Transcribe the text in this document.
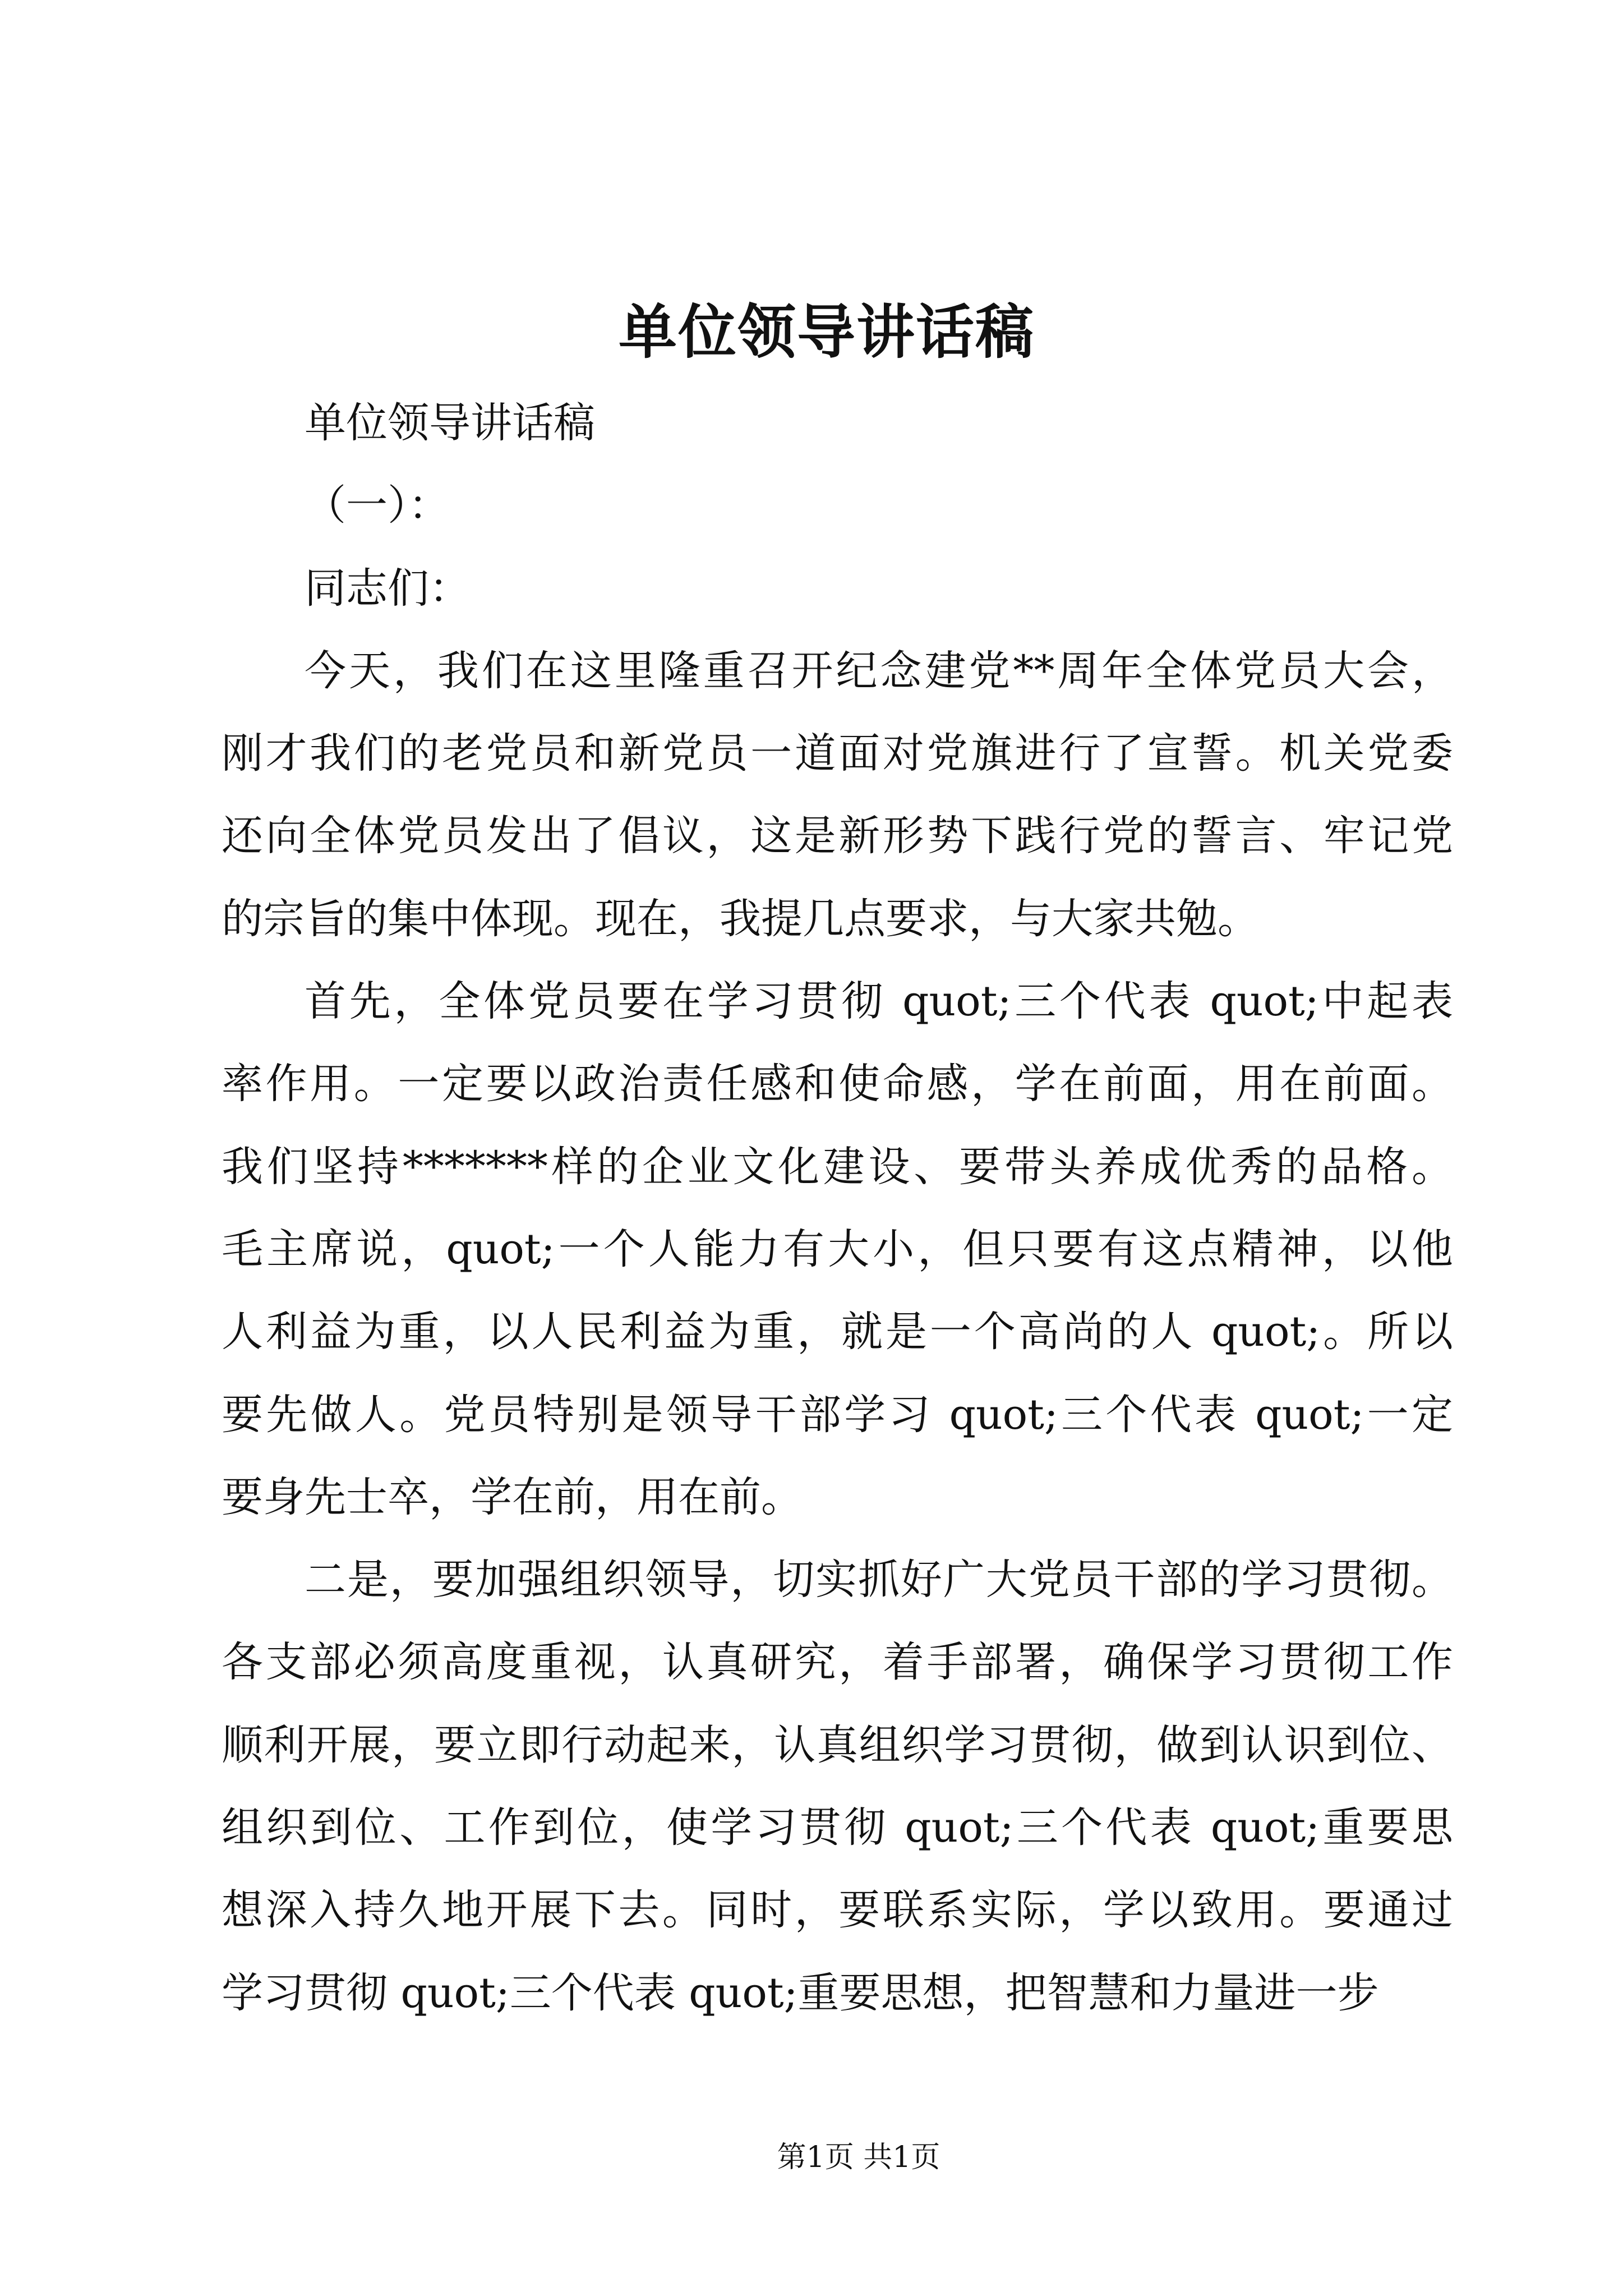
单位领导讲话稿

单位领导讲话稿

（一）：

同志们：

今天，我们在这里隆重召开纪念建党**周年全体党员大会，
刚才我们的老党员和新党员一道面对党旗进行了宣誓。机关党委
还向全体党员发出了倡议，这是新形势下践行党的誓言、牢记党
的宗旨的集中体现。现在，我提几点要求，与大家共勉。

首先，全体党员要在学习贯彻 quot;三个代表 quot;中起表
率作用。一定要以政治责任感和使命感，学在前面，用在前面。
我们坚持*******样的企业文化建设、要带头养成优秀的品格。
毛主席说，quot;一个人能力有大小，但只要有这点精神，以他
人利益为重，以人民利益为重，就是一个高尚的人 quot;。所以
要先做人。党员特别是领导干部学习 quot;三个代表 quot;一定
要身先士卒，学在前，用在前。

二是，要加强组织领导，切实抓好广大党员干部的学习贯彻。
各支部必须高度重视，认真研究，着手部署，确保学习贯彻工作
顺利开展，要立即行动起来，认真组织学习贯彻，做到认识到位、
组织到位、工作到位，使学习贯彻 quot;三个代表 quot;重要思
想深入持久地开展下去。同时，要联系实际，学以致用。要通过
学习贯彻 quot;三个代表 quot;重要思想，把智慧和力量进一步

第1页 共1页
